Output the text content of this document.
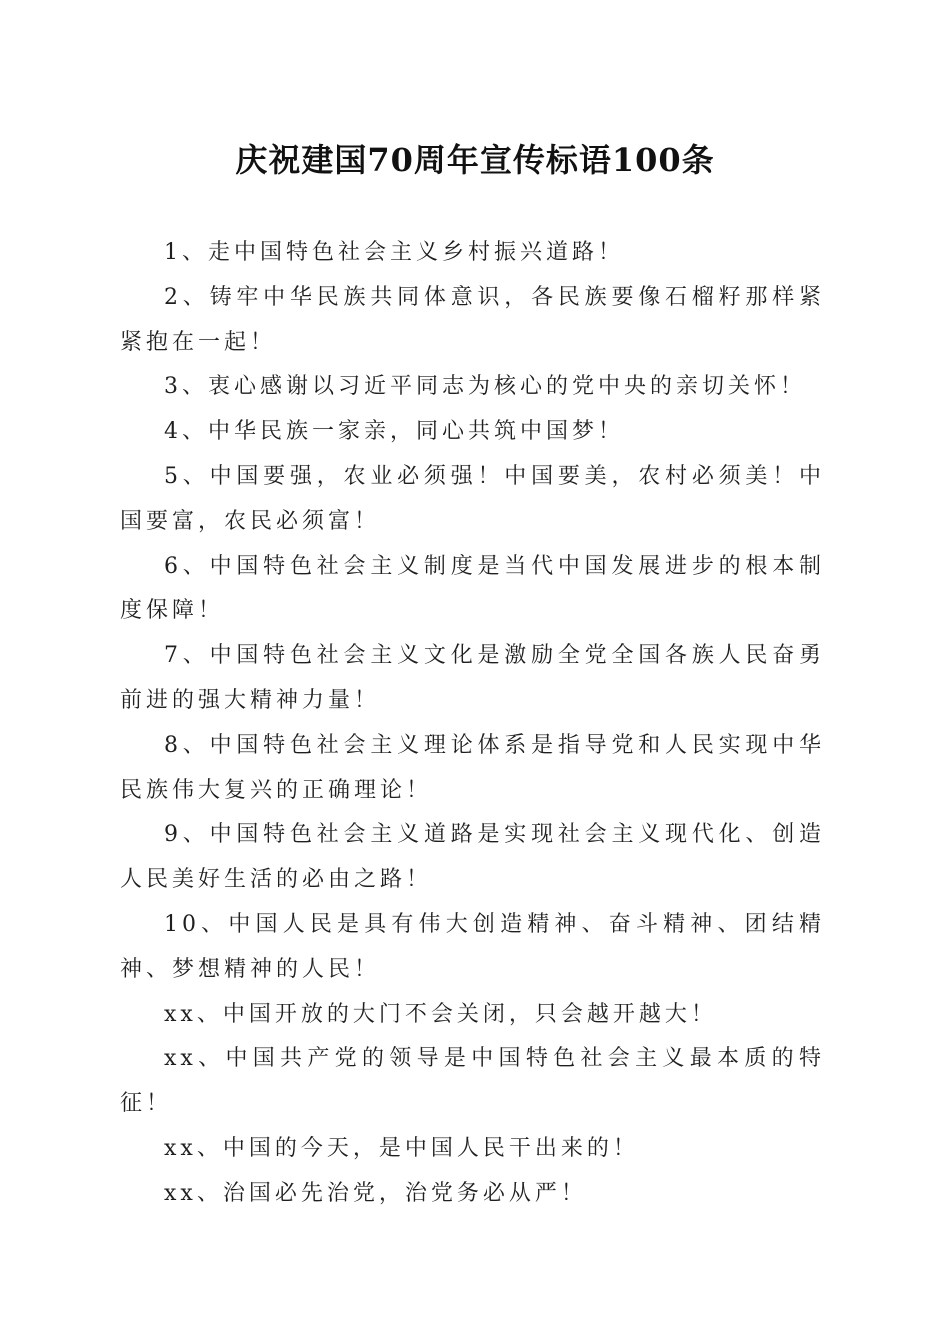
庆祝建国70周年宣传标语100条
1、走中国特色社会主义乡村振兴道路！
2、铸牢中华民族共同体意识，各民族要像石榴籽那样紧紧抱在一起！
3、衷心感谢以习近平同志为核心的党中央的亲切关怀！
4、中华民族一家亲，同心共筑中国梦！
5、中国要强，农业必须强！中国要美，农村必须美！中国要富，农民必须富！
6、中国特色社会主义制度是当代中国发展进步的根本制度保障！
7、中国特色社会主义文化是激励全党全国各族人民奋勇前进的强大精神力量！
8、中国特色社会主义理论体系是指导党和人民实现中华民族伟大复兴的正确理论！
9、中国特色社会主义道路是实现社会主义现代化、创造人民美好生活的必由之路！
10、中国人民是具有伟大创造精神、奋斗精神、团结精神、梦想精神的人民！
xx、中国开放的大门不会关闭，只会越开越大！
xx、中国共产党的领导是中国特色社会主义最本质的特征！
xx、中国的今天，是中国人民干出来的！
xx、治国必先治党，治党务必从严！
